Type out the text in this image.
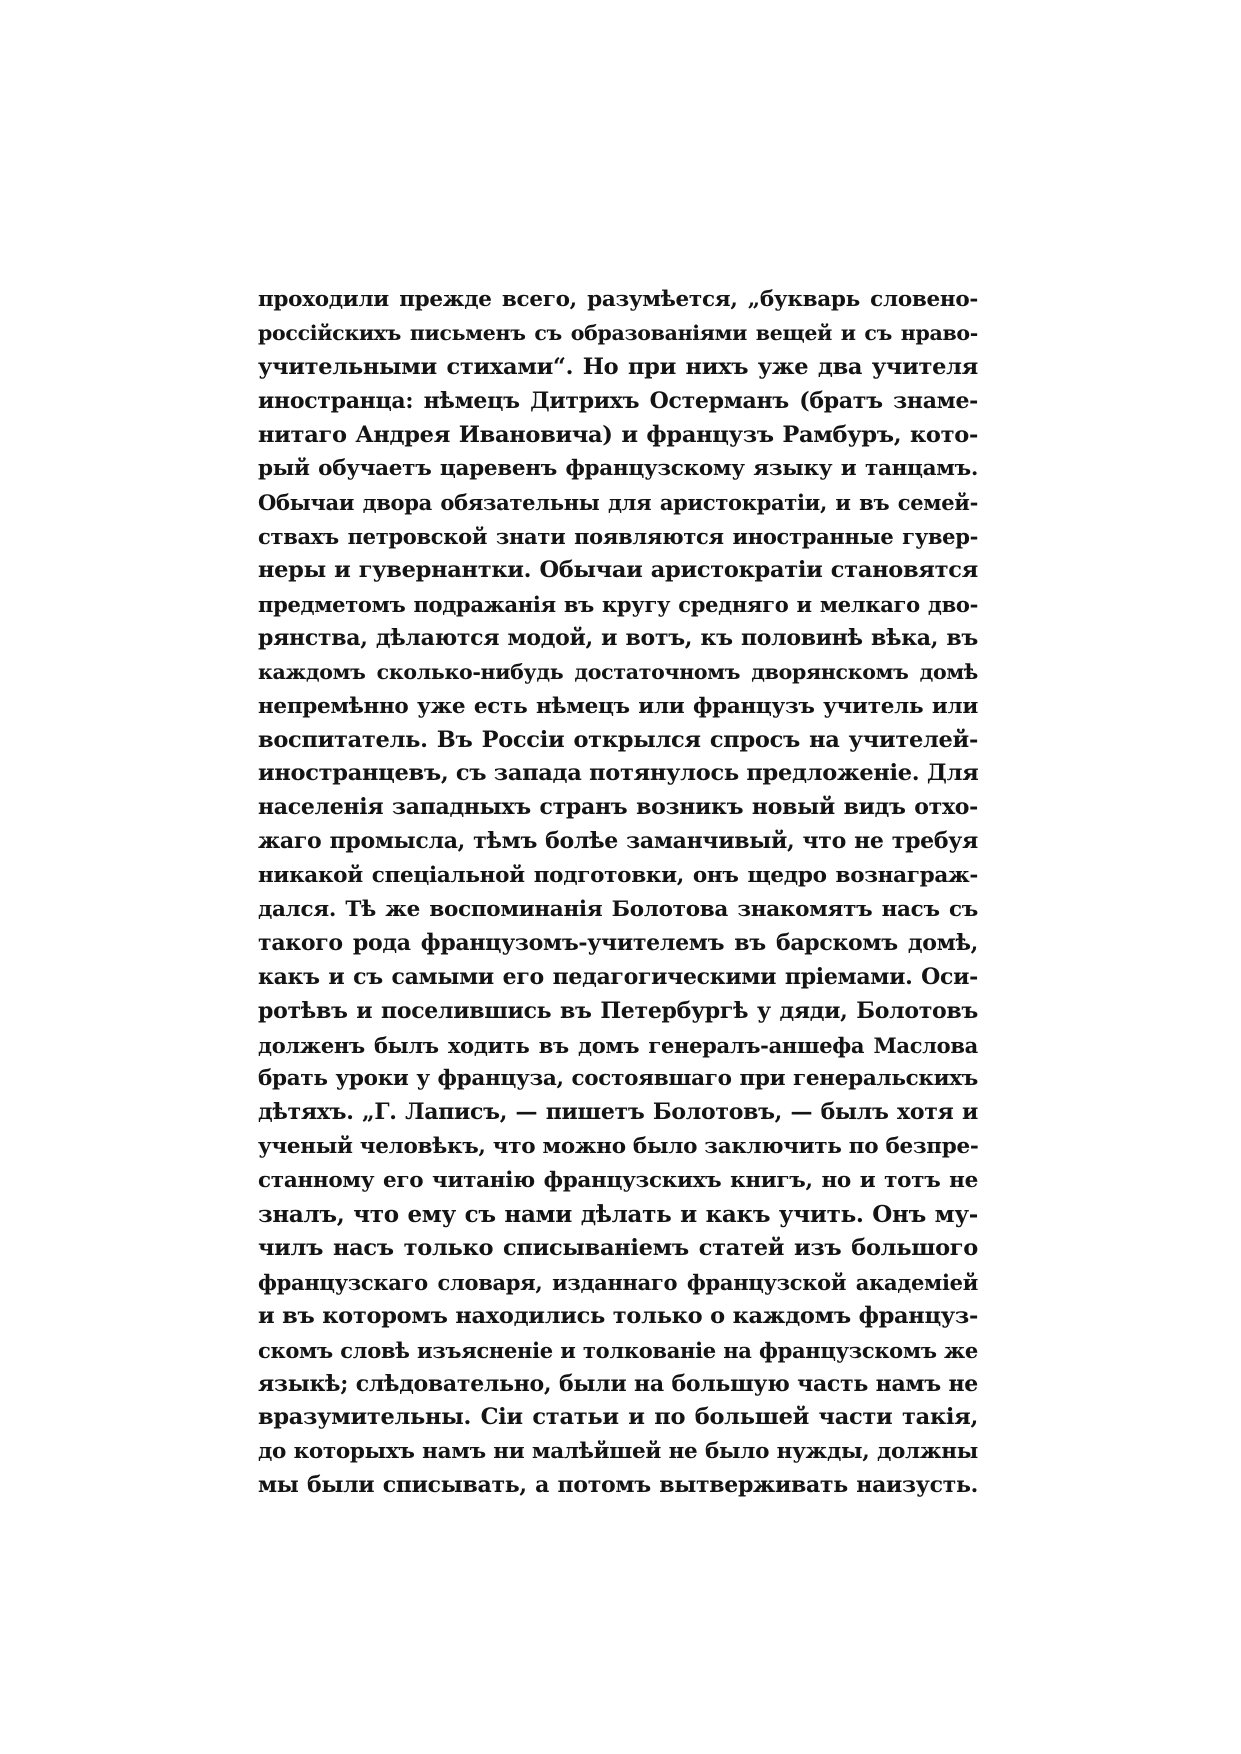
проходили прежде всего, разумѣется, „букварь словено-
россійскихъ письменъ съ образованіями вещей и съ нраво-
учительными стихами“. Но при нихъ уже два учителя
иностранца: нѣмецъ Дитрихъ Остерманъ (братъ знаме-
нитаго Андрея Ивановича) и французъ Рамбуръ, кото-
рый обучаетъ царевенъ французскому языку и танцамъ.
Обычаи двора обязательны для аристократіи, и въ семей-
ствахъ петровской знати появляются иностранные гувер-
неры и гувернантки. Обычаи аристократіи становятся
предметомъ подражанія въ кругу средняго и мелкаго дво-
рянства, дѣлаются модой, и вотъ, къ половинѣ вѣка, въ
каждомъ сколько-нибудь достаточномъ дворянскомъ домѣ
непремѣнно уже есть нѣмецъ или французъ учитель или
воспитатель. Въ Россіи открылся спросъ на учителей-
иностранцевъ, съ запада потянулось предложеніе. Для
населенія западныхъ странъ возникъ новый видъ отхо-
жаго промысла, тѣмъ болѣе заманчивый, что не требуя
никакой спеціальной подготовки, онъ щедро вознаграж-
дался. Тѣ же воспоминанія Болотова знакомятъ насъ съ
такого рода французомъ-учителемъ въ барскомъ домѣ,
какъ и съ самыми его педагогическими пріемами. Оси-
ротѣвъ и поселившись въ Петербургѣ у дяди, Болотовъ
долженъ былъ ходить въ домъ генералъ-аншефа Маслова
брать уроки у француза, состоявшаго при генеральскихъ
дѣтяхъ. „Г. Лаписъ, — пишетъ Болотовъ, — былъ хотя и
ученый человѣкъ, что можно было заключить по безпре-
станному его читанію французскихъ книгъ, но и тотъ не
зналъ, что ему съ нами дѣлать и какъ учить. Онъ му-
чилъ насъ только списываніемъ статей изъ большого
французскаго словаря, изданнаго французской академіей
и въ которомъ находились только о каждомъ француз-
скомъ словѣ изъясненіе и толкованіе на французскомъ же
языкѣ; слѣдовательно, были на большую часть намъ не
вразумительны. Сіи статьи и по большей части такія,
до которыхъ намъ ни малѣйшей не было нужды, должны
мы были списывать, а потомъ вытверживать наизусть.
